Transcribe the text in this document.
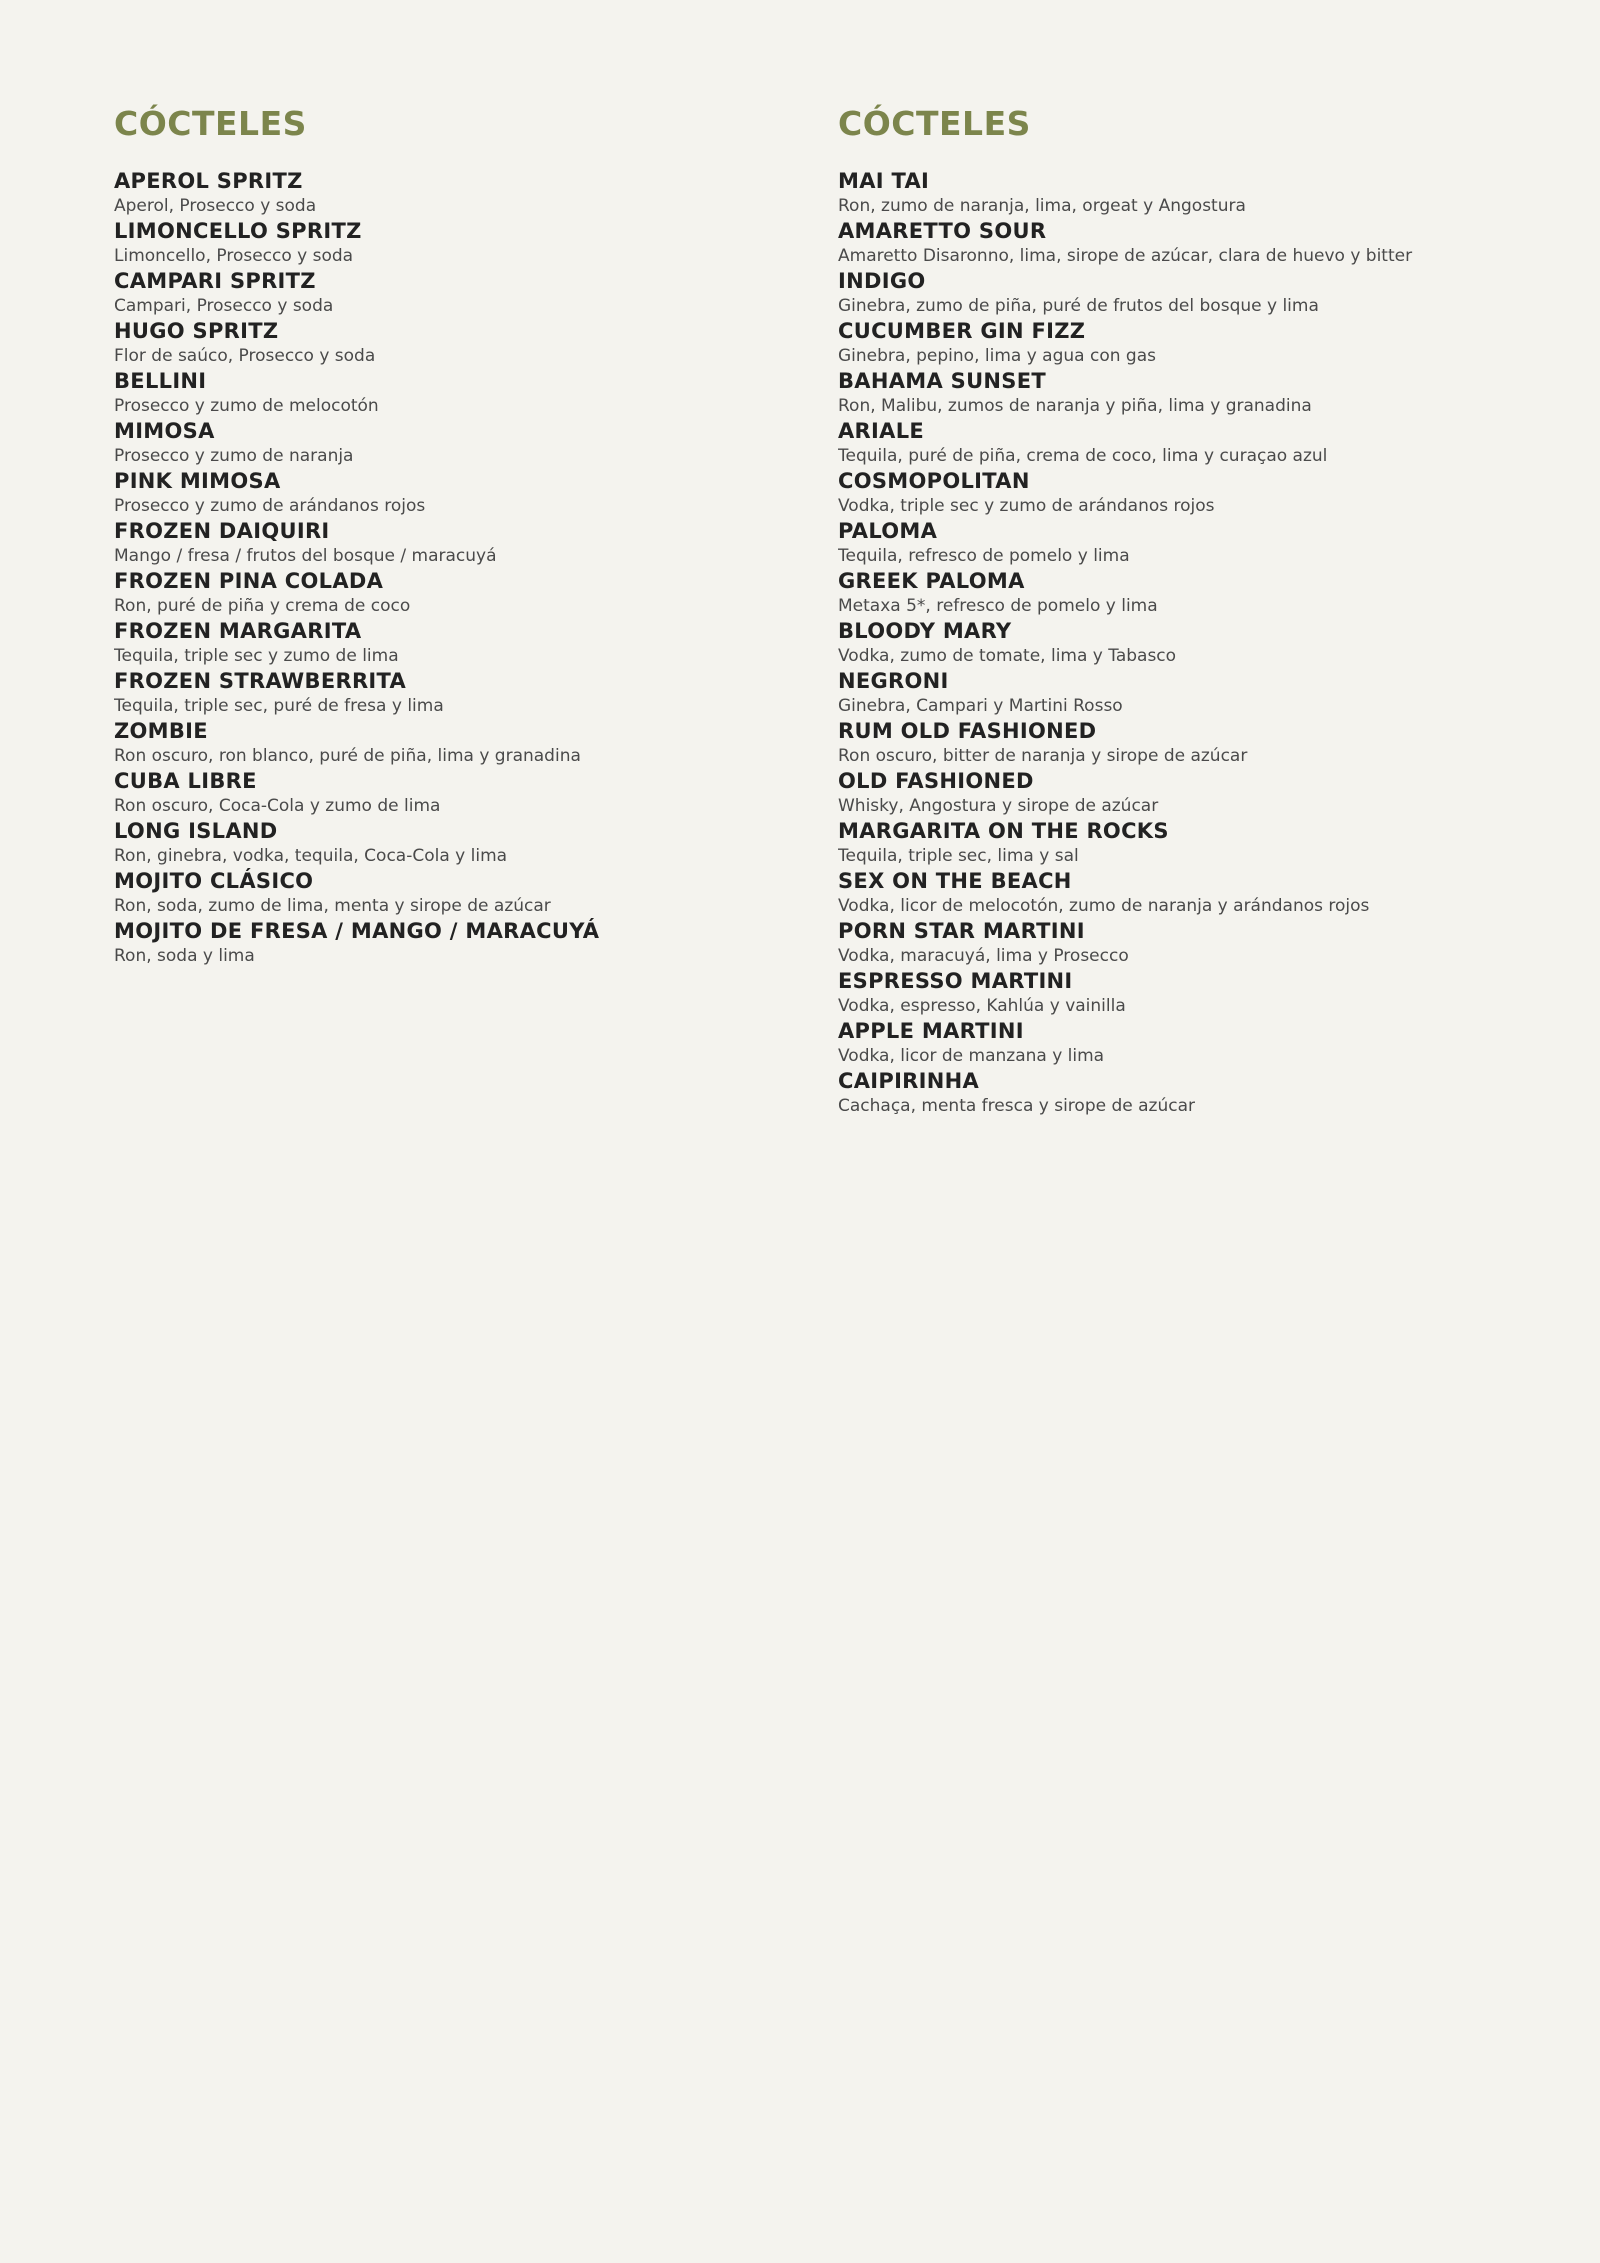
CÓCTELES
APEROL SPRITZ
Aperol, Prosecco y soda
LIMONCELLO SPRITZ
Limoncello, Prosecco y soda
CAMPARI SPRITZ
Campari, Prosecco y soda
HUGO SPRITZ
Flor de saúco, Prosecco y soda
BELLINI
Prosecco y zumo de melocotón
MIMOSA
Prosecco y zumo de naranja
PINK MIMOSA
Prosecco y zumo de arándanos rojos
FROZEN DAIQUIRI
Mango / fresa / frutos del bosque / maracuyá
FROZEN PINA COLADA
Ron, puré de piña y crema de coco
FROZEN MARGARITA
Tequila, triple sec y zumo de lima
FROZEN STRAWBERRITA
Tequila, triple sec, puré de fresa y lima
ZOMBIE
Ron oscuro, ron blanco, puré de piña, lima y granadina
CUBA LIBRE
Ron oscuro, Coca-Cola y zumo de lima
LONG ISLAND
Ron, ginebra, vodka, tequila, Coca-Cola y lima
MOJITO CLÁSICO
Ron, soda, zumo de lima, menta y sirope de azúcar
MOJITO DE FRESA / MANGO / MARACUYÁ
Ron, soda y lima
CÓCTELES
MAI TAI
Ron, zumo de naranja, lima, orgeat y Angostura
AMARETTO SOUR
Amaretto Disaronno, lima, sirope de azúcar, clara de huevo y bitter
INDIGO
Ginebra, zumo de piña, puré de frutos del bosque y lima
CUCUMBER GIN FIZZ
Ginebra, pepino, lima y agua con gas
BAHAMA SUNSET
Ron, Malibu, zumos de naranja y piña, lima y granadina
ARIALE
Tequila, puré de piña, crema de coco, lima y curaçao azul
COSMOPOLITAN
Vodka, triple sec y zumo de arándanos rojos
PALOMA
Tequila, refresco de pomelo y lima
GREEK PALOMA
Metaxa 5*, refresco de pomelo y lima
BLOODY MARY
Vodka, zumo de tomate, lima y Tabasco
NEGRONI
Ginebra, Campari y Martini Rosso
RUM OLD FASHIONED
Ron oscuro, bitter de naranja y sirope de azúcar
OLD FASHIONED
Whisky, Angostura y sirope de azúcar
MARGARITA ON THE ROCKS
Tequila, triple sec, lima y sal
SEX ON THE BEACH
Vodka, licor de melocotón, zumo de naranja y arándanos rojos
PORN STAR MARTINI
Vodka, maracuyá, lima y Prosecco
ESPRESSO MARTINI
Vodka, espresso, Kahlúa y vainilla
APPLE MARTINI
Vodka, licor de manzana y lima
CAIPIRINHA
Cachaça, menta fresca y sirope de azúcar
